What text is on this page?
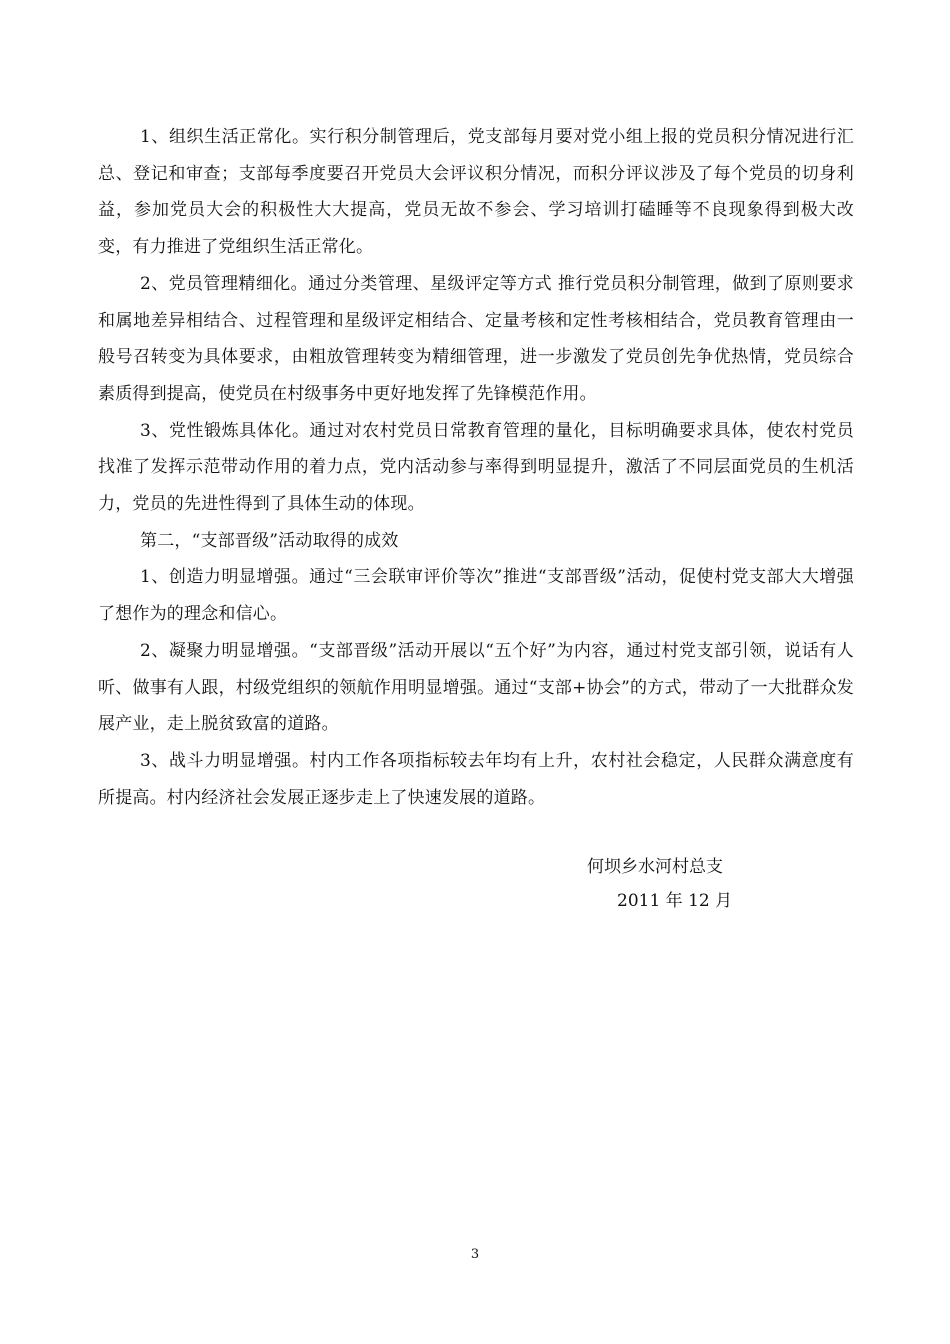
1、组织生活正常化。实行积分制管理后，党支部每月要对党小组上报的党员积分情况进行汇总、登记和审查；支部每季度要召开党员大会评议积分情况，而积分评议涉及了每个党员的切身利益，参加党员大会的积极性大大提高，党员无故不参会、学习培训打磕睡等不良现象得到极大改变，有力推进了党组织生活正常化。

2、党员管理精细化。通过分类管理、星级评定等方式 推行党员积分制管理，做到了原则要求和属地差异相结合、过程管理和星级评定相结合、定量考核和定性考核相结合，党员教育管理由一般号召转变为具体要求，由粗放管理转变为精细管理，进一步激发了党员创先争优热情，党员综合素质得到提高，使党员在村级事务中更好地发挥了先锋模范作用。

3、党性锻炼具体化。通过对农村党员日常教育管理的量化，目标明确要求具体，使农村党员找准了发挥示范带动作用的着力点，党内活动参与率得到明显提升，激活了不同层面党员的生机活力，党员的先进性得到了具体生动的体现。

第二，“支部晋级”活动取得的成效

1、创造力明显增强。通过“三会联审评价等次”推进“支部晋级”活动，促使村党支部大大增强了想作为的理念和信心。

2、凝聚力明显增强。“支部晋级”活动开展以“五个好”为内容，通过村党支部引领，说话有人听、做事有人跟，村级党组织的领航作用明显增强。通过“支部+协会”的方式，带动了一大批群众发展产业，走上脱贫致富的道路。

3、战斗力明显增强。村内工作各项指标较去年均有上升，农村社会稳定，人民群众满意度有所提高。村内经济社会发展正逐步走上了快速发展的道路。

何坝乡水河村总支
2011 年 12 月
3
